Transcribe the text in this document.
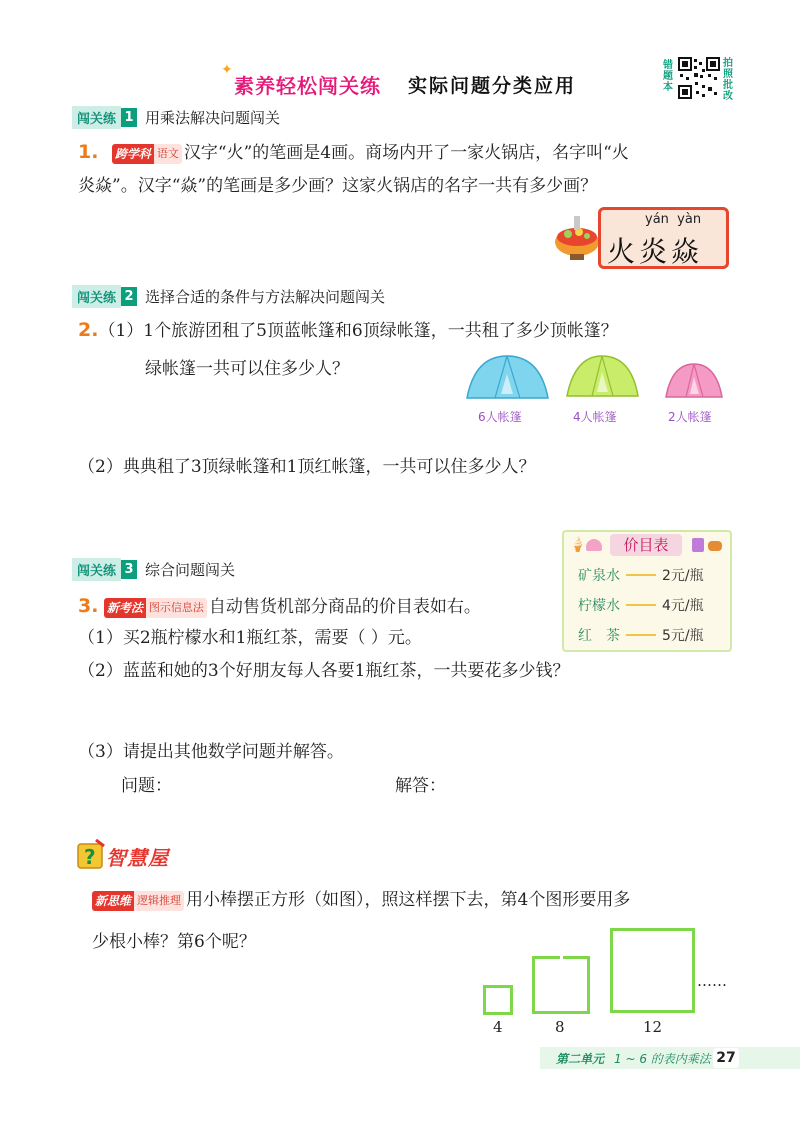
✦
素养轻松闯关练 实际问题分类应用
错题本
拍照批改
闯关练 1 用乘法解决问题闯关
1. 跨学科 语文 汉字“火”的笔画是4画。商场内开了一家火锅店，名字叫“火
炎焱”。汉字“焱”的笔画是多少画？这家火锅店的名字一共有多少画？
yán  yàn
火炎焱
闯关练 2 选择合适的条件与方法解决问题闯关
2.（1）1个旅游团租了5顶蓝帐篷和6顶绿帐篷，一共租了多少顶帐篷？
绿帐篷一共可以住多少人？
6人帐篷	4人帐篷	2人帐篷
（2）典典租了3顶绿帐篷和1顶红帐篷，一共可以住多少人？
闯关练 3 综合问题闯关
🍦	价目表
矿泉水	2元/瓶
柠檬水	4元/瓶
红　茶	5元/瓶
3. 新考法 图示信息法 自动售货机部分商品的价目表如右。
（1）买2瓶柠檬水和1瓶红茶，需要（ ）元。
（2）蓝蓝和她的3个好朋友每人各要1瓶红茶，一共要花多少钱？
（3）请提出其他数学问题并解答。
问题：	解答：
? 智慧屋
新思维 逻辑推理 用小棒摆正方形（如图），照这样摆下去，第4个图形要用多
少根小棒？第6个呢？
4	8	12
……
第二单元 1 ~ 6 的表内乘法 27
